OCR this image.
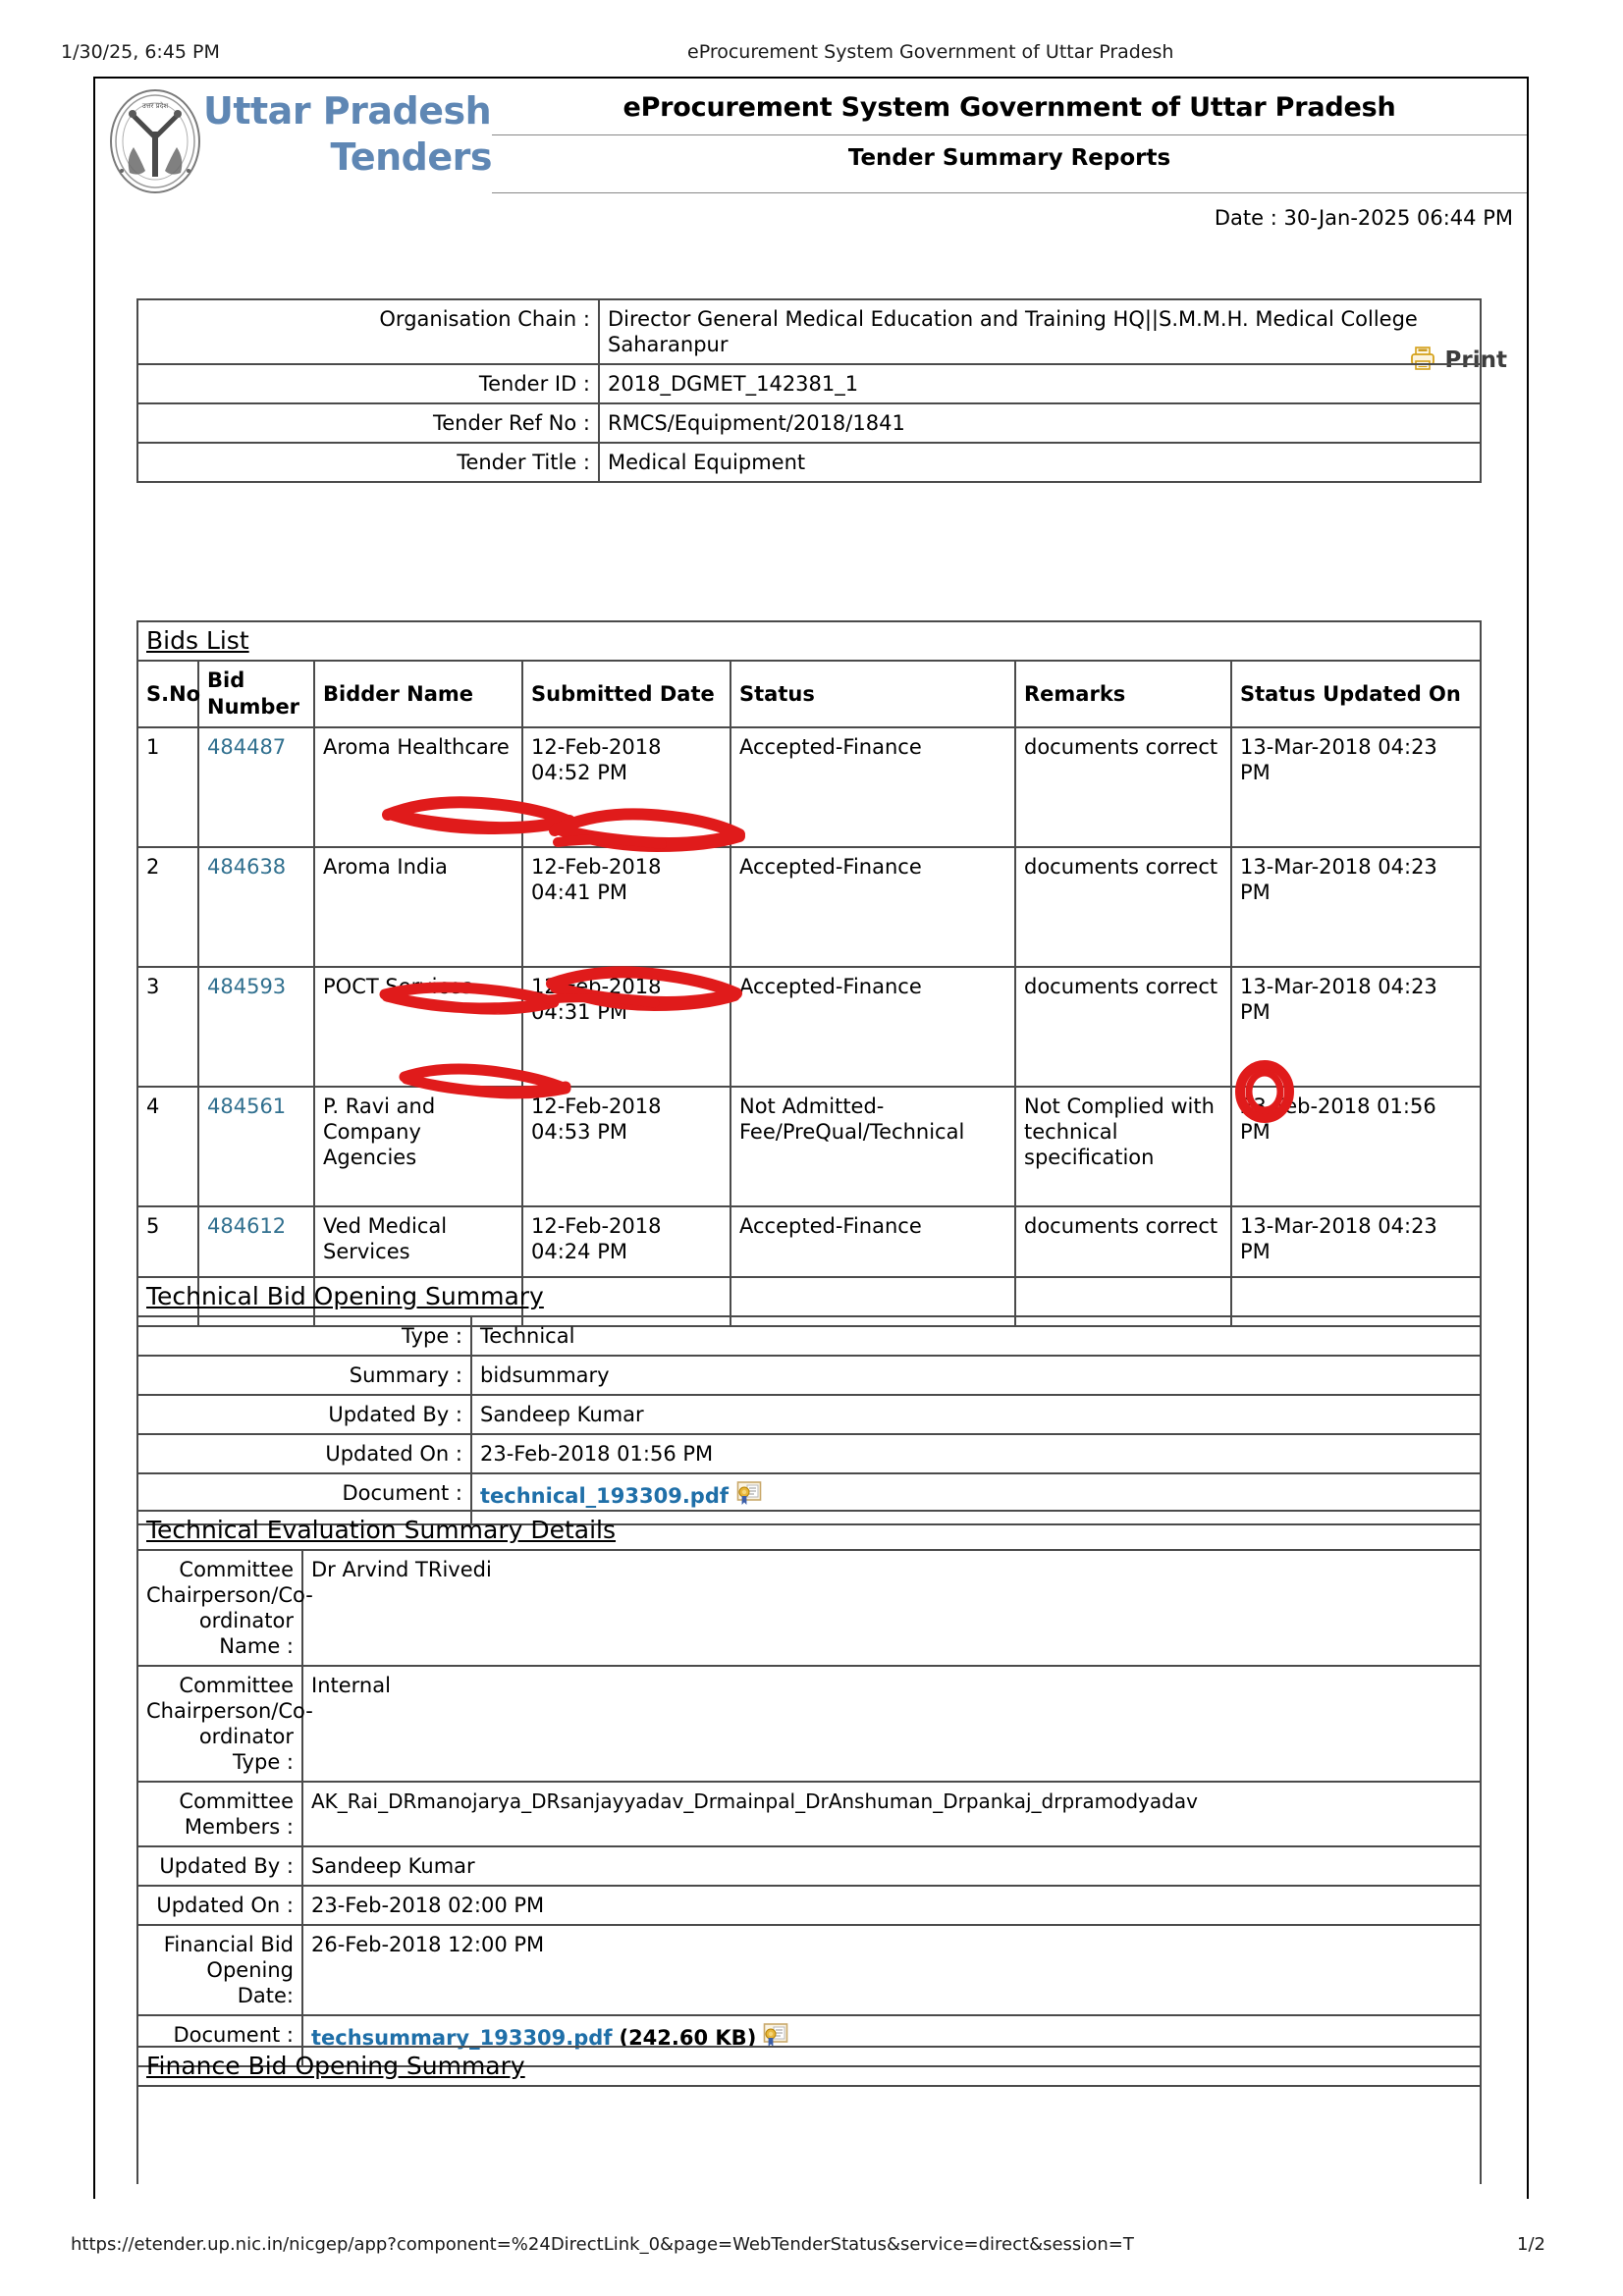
1/30/25, 6:45 PM	eProcurement System Government of Uttar Pradesh
https://etender.up.nic.in/nicgep/app?component=%24DirectLink_0&page=WebTenderStatus&service=direct&session=T	1/2
उत्तर प्रदेश Uttar Pradesh
Tenders
eProcurement System Government of Uttar Pradesh
Tender Summary Reports
Date : 30-Jan-2025 06:44 PM
Print
Organisation Chain :	Director General Medical Education and Training HQ||S.M.M.H. Medical College Saharanpur
Tender ID :	2018_DGMET_142381_1
Tender Ref No :	RMCS/Equipment/2018/1841
Tender Title :	Medical Equipment
Bids List						
S.No	Bid Number	Bidder Name	Submitted Date	Status	Remarks	Status Updated On
1	484487	Aroma Healthcare	12-Feb-2018 04:52 PM	Accepted-Finance	documents correct	13-Mar-2018 04:23 PM
2	484638	Aroma India	12-Feb-2018 04:41 PM	Accepted-Finance	documents correct	13-Mar-2018 04:23 PM
3	484593	POCT Services	12-Feb-2018 04:31 PM	Accepted-Finance	documents correct	13-Mar-2018 04:23 PM
4	484561	P. Ravi and Company Agencies	12-Feb-2018 04:53 PM	Not Admitted-Fee/PreQual/Technical	Not Complied with technical specification	23-Feb-2018 01:56 PM
5	484612	Ved Medical Services	12-Feb-2018 04:24 PM	Accepted-Finance	documents correct	13-Mar-2018 04:23 PM
Technical Bid Opening Summary	
Type :	Technical
Summary :	bidsummary
Updated By :	Sandeep Kumar
Updated On :	23-Feb-2018 01:56 PM
Document :	technical_193309.pdf
Technical Evaluation Summary Details	
Committee Chairperson/Co-ordinator Name :	Dr Arvind TRivedi
Committee Chairperson/Co-ordinator Type :	Internal
Committee Members :	AK_Rai_DRmanojarya_DRsanjayyadav_Drmainpal_DrAnshuman_Drpankaj_drpramodyadav
Updated By :	Sandeep Kumar
Updated On :	23-Feb-2018 02:00 PM
Financial Bid Opening Date:	26-Feb-2018 12:00 PM
Document :	techsummary_193309.pdf (242.60 KB)
Finance Bid Opening Summary
